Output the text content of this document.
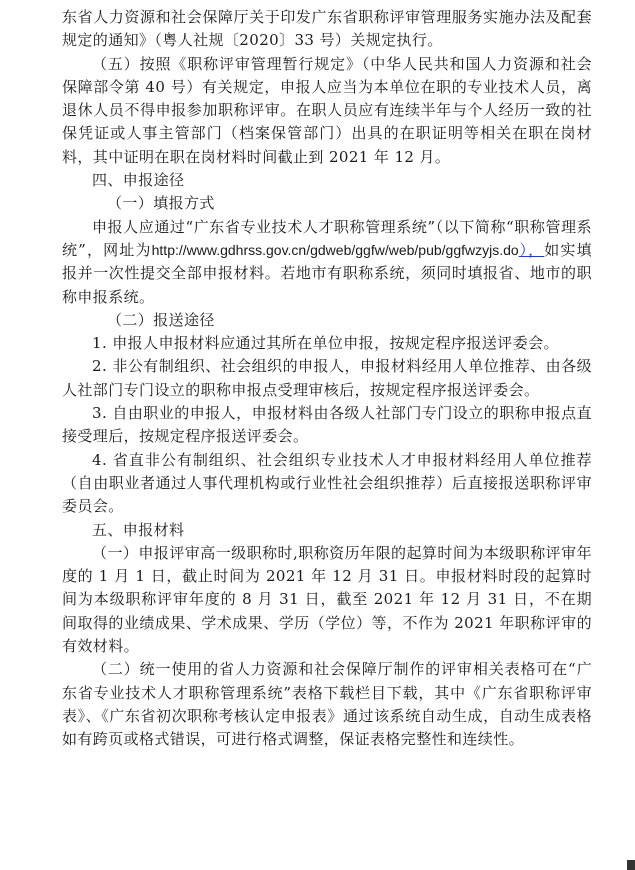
东省人力资源和社会保障厅关于印发广东省职称评审管理服务实施办法及配套规定的通知》（粤人社规〔2020〕33 号）关规定执行。

（五）按照《职称评审管理暂行规定》（中华人民共和国人力资源和社会保障部令第 40 号）有关规定，申报人应当为本单位在职的专业技术人员，离退休人员不得申报参加职称评审。在职人员应有连续半年与个人经历一致的社保凭证或人事主管部门（档案保管部门）出具的在职证明等相关在职在岗材料，其中证明在职在岗材料时间截止到 2021 年 12 月。

四、申报途径

（一）填报方式

申报人应通过“广东省专业技术人才职称管理系统”（以下简称“职称管理系统”，网址为http://www.gdhrss.gov.cn/gdweb/ggfw/web/pub/ggfwzyjs.do），如实填报并一次性提交全部申报材料。若地市有职称系统，须同时填报省、地市的职称申报系统。

（二）报送途径

1. 申报人申报材料应通过其所在单位申报，按规定程序报送评委会。

2. 非公有制组织、社会组织的申报人，申报材料经用人单位推荐、由各级人社部门专门设立的职称申报点受理审核后，按规定程序报送评委会。

3. 自由职业的申报人，申报材料由各级人社部门专门设立的职称申报点直接受理后，按规定程序报送评委会。

4. 省直非公有制组织、社会组织专业技术人才申报材料经用人单位推荐（自由职业者通过人事代理机构或行业性社会组织推荐）后直接报送职称评审委员会。

五、申报材料

（一）申报评审高一级职称时,职称资历年限的起算时间为本级职称评审年度的 1 月 1 日，截止时间为 2021 年 12 月 31 日。申报材料时段的起算时间为本级职称评审年度的 8 月 31 日，截至 2021 年 12 月 31 日，不在期间取得的业绩成果、学术成果、学历（学位）等，不作为 2021 年职称评审的有效材料。

（二）统一使用的省人力资源和社会保障厅制作的评审相关表格可在“广东省专业技术人才职称管理系统”表格下载栏目下载，其中《广东省职称评审表》、《广东省初次职称考核认定申报表》通过该系统自动生成，自动生成表格如有跨页或格式错误，可进行格式调整，保证表格完整性和连续性。
